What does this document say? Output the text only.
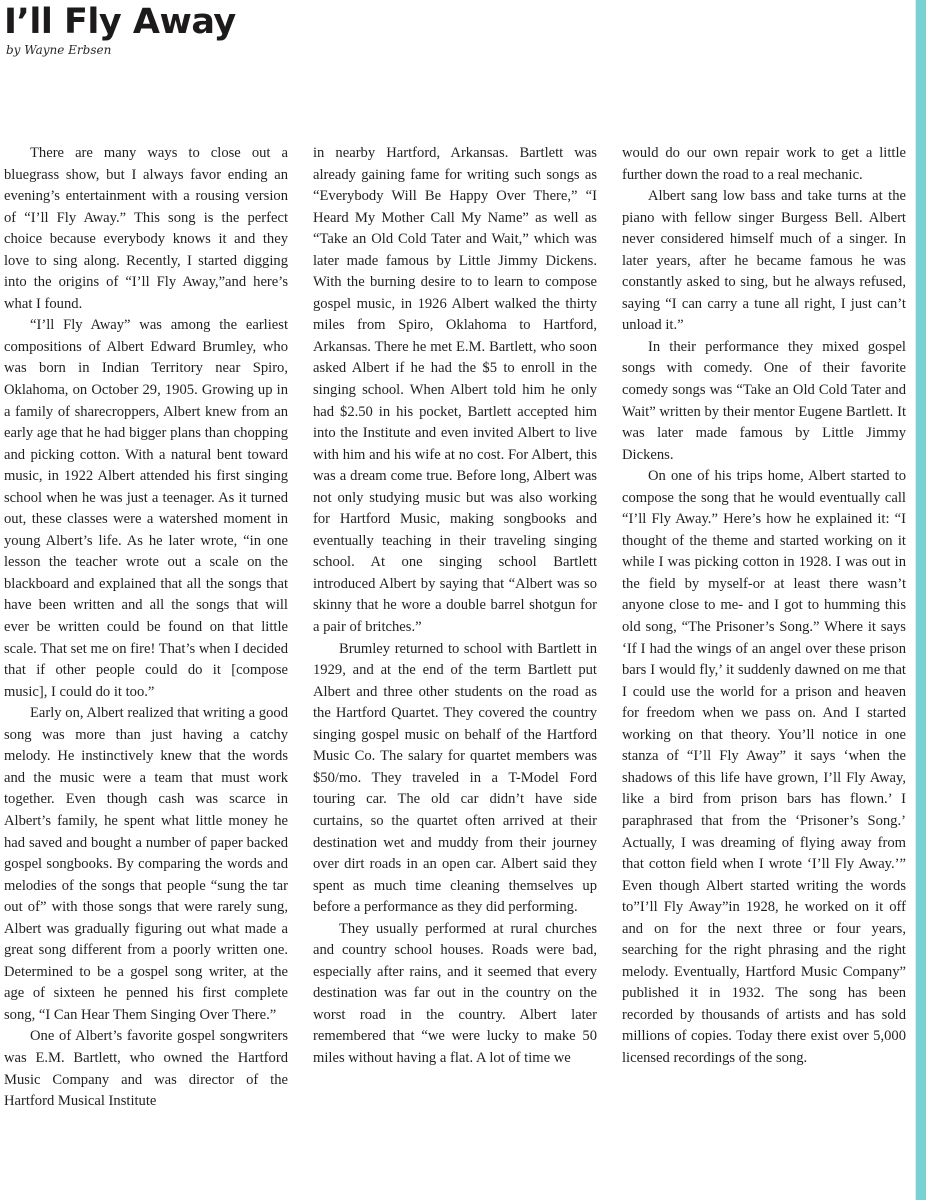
I’ll Fly Away

by Wayne Erbsen

There are many ways to close out a bluegrass show, but I always favor ending an evening’s entertainment with a rousing version of “I’ll Fly Away.” This song is the perfect choice because everybody knows it and they love to sing along. Recently, I started digging into the origins of “I’ll Fly Away,”and here’s what I found.

“I’ll Fly Away” was among the earliest compositions of Albert Edward Brumley, who was born in Indian Territory near Spiro, Oklahoma, on October 29, 1905. Growing up in a family of sharecroppers, Albert knew from an early age that he had bigger plans than chopping and picking cotton. With a natural bent toward music, in 1922 Albert attended his first singing school when he was just a teenager. As it turned out, these classes were a watershed moment in young Albert’s life. As he later wrote, “in one lesson the teacher wrote out a scale on the blackboard and explained that all the songs that have been written and all the songs that will ever be written could be found on that little scale. That set me on fire! That’s when I decided that if other people could do it [compose music], I could do it too.”

Early on, Albert realized that writing a good song was more than just having a catchy melody. He instinctively knew that the words and the music were a team that must work together. Even though cash was scarce in Albert’s family, he spent what little money he had saved and bought a number of paper backed gospel songbooks. By comparing the words and melodies of the songs that people “sung the tar out of” with those songs that were rarely sung, Albert was gradually figuring out what made a great song different from a poorly written one. Determined to be a gospel song writer, at the age of sixteen he penned his first complete song, “I Can Hear Them Singing Over There.”

One of Albert’s favorite gospel songwriters was E.M. Bartlett, who owned the Hartford Music Company and was director of the Hartford Musical Institute

in nearby Hartford, Arkansas. Bartlett was already gaining fame for writing such songs as “Everybody Will Be Happy Over There,” “I Heard My Mother Call My Name” as well as “Take an Old Cold Tater and Wait,” which was later made famous by Little Jimmy Dickens. With the burning desire to to learn to compose gospel music, in 1926 Albert walked the thirty miles from Spiro, Oklahoma to Hartford, Arkansas. There he met E.M. Bartlett, who soon asked Albert if he had the $5 to enroll in the singing school. When Albert told him he only had $2.50 in his pocket, Bartlett accepted him into the Institute and even invited Albert to live with him and his wife at no cost. For Albert, this was a dream come true. Before long, Albert was not only studying music but was also working for Hartford Music, making songbooks and eventually teaching in their traveling singing school. At one singing school Bartlett introduced Albert by saying that “Albert was so skinny that he wore a double barrel shotgun for a pair of britches.”

Brumley returned to school with Bartlett in 1929, and at the end of the term Bartlett put Albert and three other students on the road as the Hartford Quartet. They covered the country singing gospel music on behalf of the Hartford Music Co. The salary for quartet members was $50/mo. They traveled in a T-Model Ford touring car. The old car didn’t have side curtains, so the quartet often arrived at their destination wet and muddy from their journey over dirt roads in an open car. Albert said they spent as much time cleaning themselves up before a performance as they did performing.

They usually performed at rural churches and country school houses. Roads were bad, especially after rains, and it seemed that every destination was far out in the country on the worst road in the country. Albert later remembered that “we were lucky to make 50 miles without having a flat. A lot of time we

would do our own repair work to get a little further down the road to a real mechanic.

Albert sang low bass and take turns at the piano with fellow singer Burgess Bell. Albert never considered himself much of a singer. In later years, after he became famous he was constantly asked to sing, but he always refused, saying “I can carry a tune all right, I just can’t unload it.”

In their performance they mixed gospel songs with comedy. One of their favorite comedy songs was “Take an Old Cold Tater and Wait” written by their mentor Eugene Bartlett. It was later made famous by Little Jimmy Dickens.

On one of his trips home, Albert started to compose the song that he would eventually call “I’ll Fly Away.” Here’s how he explained it: “I thought of the theme and started working on it while I was picking cotton in 1928. I was out in the field by myself-or at least there wasn’t anyone close to me- and I got to humming this old song, “The Prisoner’s Song.” Where it says ‘If I had the wings of an angel over these prison bars I would fly,’ it suddenly dawned on me that I could use the world for a prison and heaven for freedom when we pass on. And I started working on that theory. You’ll notice in one stanza of “I’ll Fly Away” it says ‘when the shadows of this life have grown, I’ll Fly Away, like a bird from prison bars has flown.’ I paraphrased that from the ‘Prisoner’s Song.’ Actually, I was dreaming of flying away from that cotton field when I wrote ‘I’ll Fly Away.’” Even though Albert started writing the words to”I’ll Fly Away”in 1928, he worked on it off and on for the next three or four years, searching for the right phrasing and the right melody. Eventually, Hartford Music Company” published it in 1932. The song has been recorded by thousands of artists and has sold millions of copies. Today there exist over 5,000 licensed recordings of the song.
